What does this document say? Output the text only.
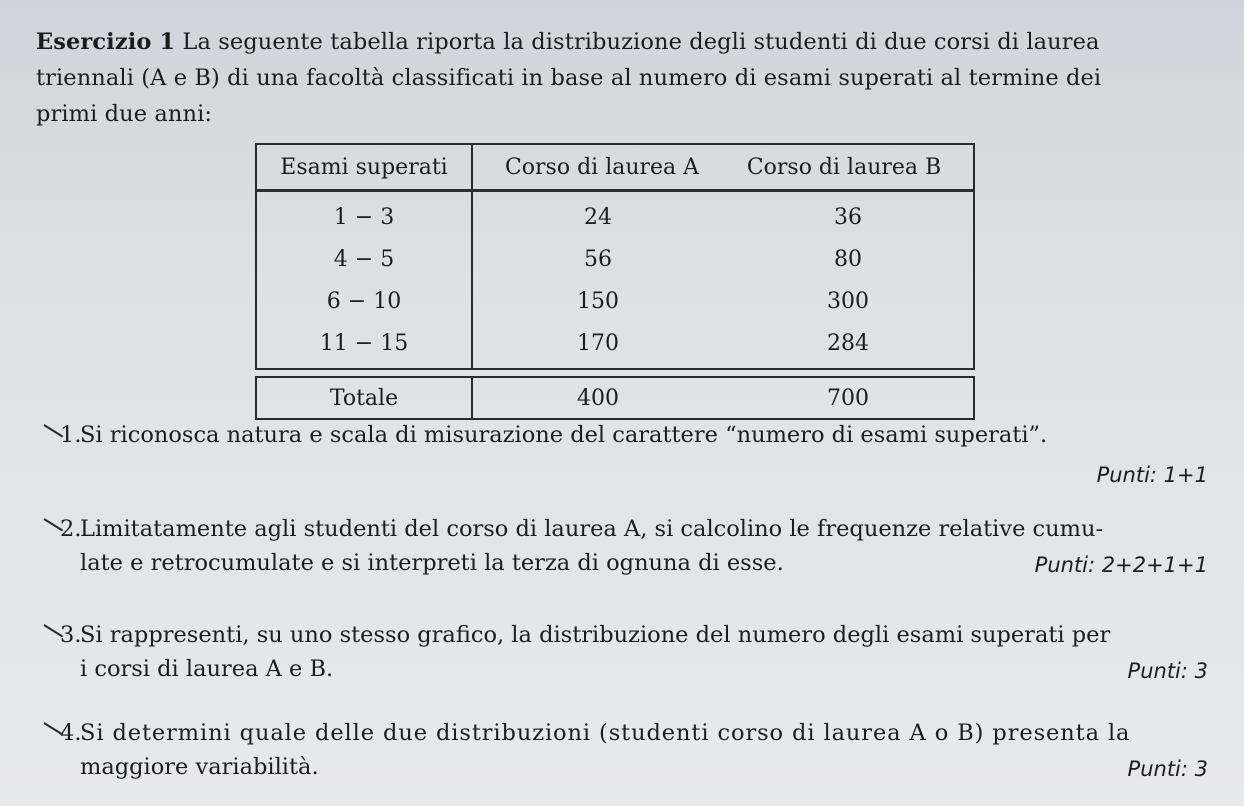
Esercizio 1 La seguente tabella riporta la distribuzione degli studenti di due corsi di laurea
triennali (A e B) di una facoltà classificati in base al numero di esami superati al termine dei
primi due anni:
Esami superati	Corso di laurea A	Corso di laurea B
1 − 3	24	36
4 − 5	56	80
6 − 10	150	300
11 − 15	170	284

Totale	400	700
1.
Si riconosca natura e scala di misurazione del carattere “numero di esami superati”.
Punti: 1+1
2.
Limitatamente agli studenti del corso di laurea A, si calcolino le frequenze relative cumu-
late e retrocumulate e si interpreti la terza di ognuna di esse.	Punti: 2+2+1+1
3.
Si rappresenti, su uno stesso grafico, la distribuzione del numero degli esami superati per
i corsi di laurea A e B.	Punti: 3
4.
Si determini quale delle due distribuzioni (studenti corso di laurea A o B) presenta la
maggiore variabilità.	Punti: 3
